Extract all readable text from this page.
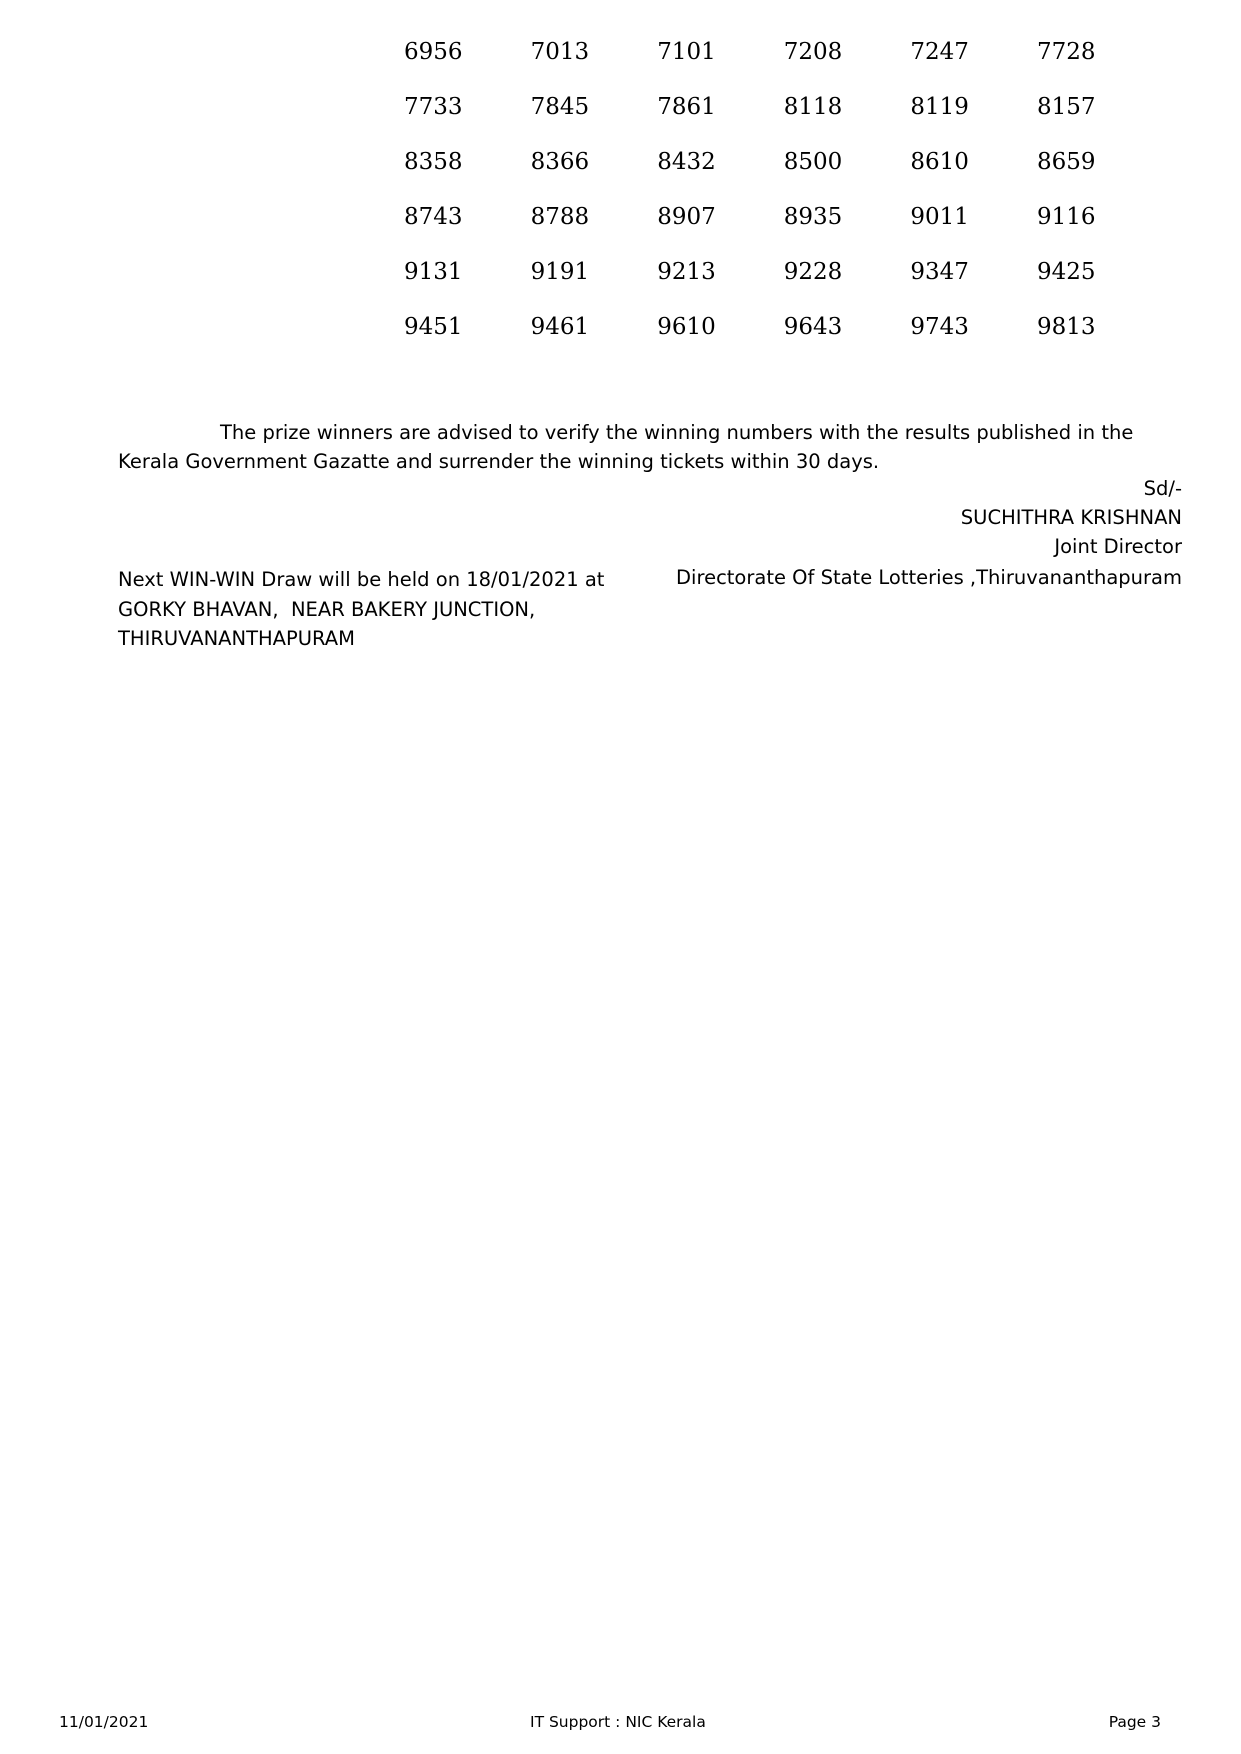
6956	7013	7101	7208	7247	7728
7733	7845	7861	8118	8119	8157
8358	8366	8432	8500	8610	8659
8743	8788	8907	8935	9011	9116
9131	9191	9213	9228	9347	9425
9451	9461	9610	9643	9743	9813
The prize winners are advised to verify the winning numbers with the results published in the Kerala Government Gazatte and surrender the winning tickets within 30 days.
Sd/-
SUCHITHRA KRISHNAN
Joint Director
Directorate Of State Lotteries ,Thiruvananthapuram
Next WIN-WIN Draw will be held on 18/01/2021 at
GORKY BHAVAN,  NEAR BAKERY JUNCTION,
THIRUVANANTHAPURAM
11/01/2021	IT Support : NIC Kerala	Page 3
